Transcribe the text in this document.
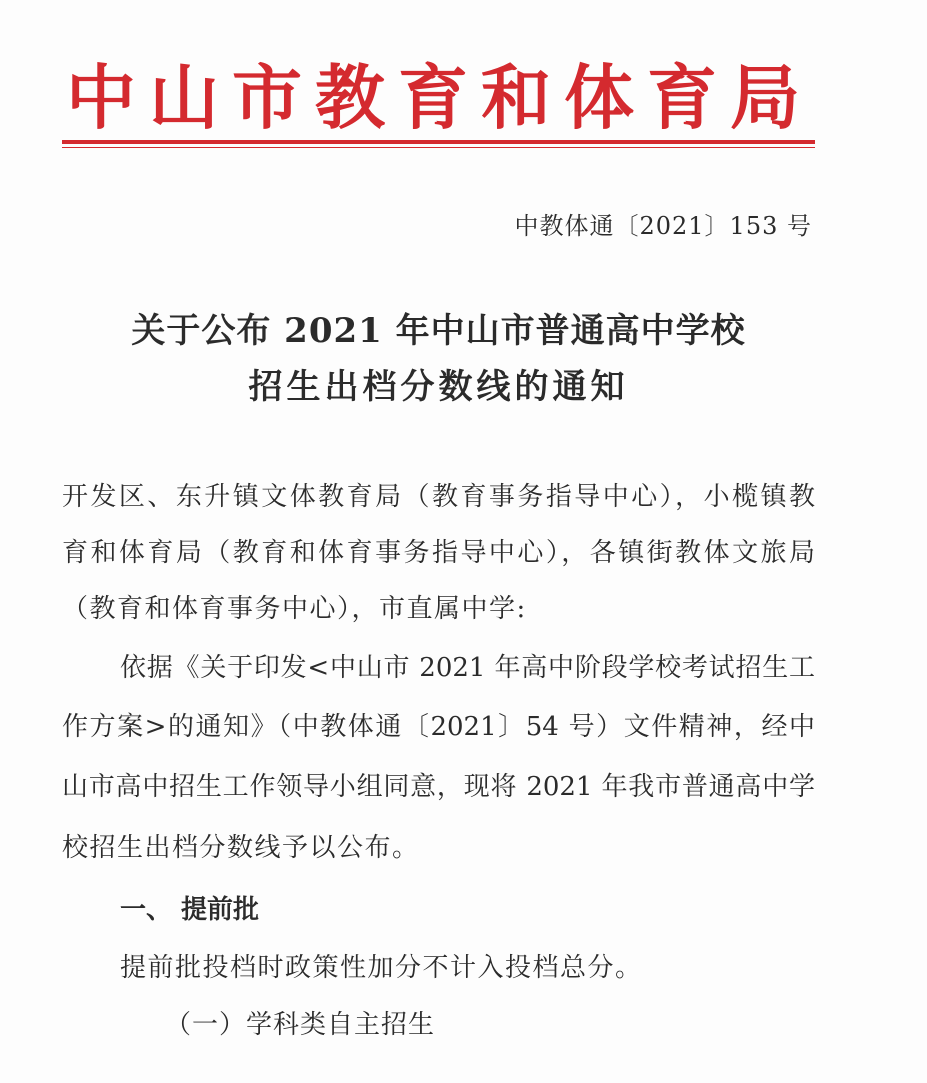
中山市教育和体育局
中教体通〔2021〕153 号
关于公布 2021 年中山市普通高中学校
招生出档分数线的通知
开发区、东升镇文体教育局（教育事务指导中心），小榄镇教
育和体育局（教育和体育事务指导中心），各镇街教体文旅局
（教育和体育事务中心），市直属中学:
依据《关于印发<中山市 2021 年高中阶段学校考试招生工
作方案>的通知》（中教体通〔2021〕54 号）文件精神，经中
山市高中招生工作领导小组同意，现将 2021 年我市普通高中学
校招生出档分数线予以公布。
一、 提前批
提前批投档时政策性加分不计入投档总分。
（一）学科类自主招生
